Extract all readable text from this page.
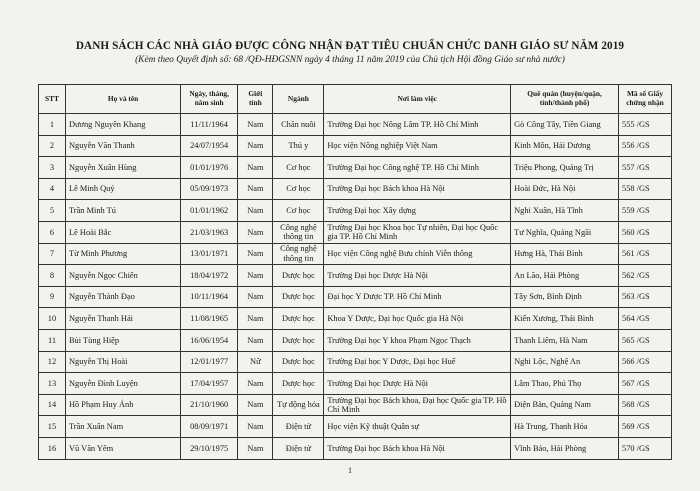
DANH SÁCH CÁC NHÀ GIÁO ĐƯỢC CÔNG NHẬN ĐẠT TIÊU CHUẨN CHỨC DANH GIÁO SƯ NĂM 2019
(Kèm theo Quyết định số: 68 /QĐ-HĐGSNN ngày 4 tháng 11 năm 2019 của Chủ tịch Hội đồng Giáo sư nhà nước)
STT	Họ và tên	Ngày, tháng, năm sinh	Giới tính	Ngành	Nơi làm việc	Quê quán (huyện/quận, tỉnh/thành phố)	Mã số Giấy chứng nhận
1	Dương Nguyên Khang	11/11/1964	Nam	Chăn nuôi	Trường Đại học Nông Lâm TP. Hồ Chí Minh	Gò Công Tây, Tiền Giang	555 /GS
2	Nguyễn Văn Thanh	24/07/1954	Nam	Thú y	Học viện Nông nghiệp Việt Nam	Kinh Môn, Hải Dương	556 /GS
3	Nguyễn Xuân Hùng	01/01/1976	Nam	Cơ học	Trường Đại học Công nghệ TP. Hồ Chí Minh	Triệu Phong, Quảng Trị	557 /GS
4	Lê Minh Quý	05/09/1973	Nam	Cơ học	Trường Đại học Bách khoa Hà Nội	Hoài Đức, Hà Nội	558 /GS
5	Trần Minh Tú	01/01/1962	Nam	Cơ học	Trường Đại học Xây dựng	Nghi Xuân, Hà Tĩnh	559 /GS
6	Lê Hoài Bắc	21/03/1963	Nam	Công nghệ thông tin	Trường Đại học Khoa học Tự nhiên, Đại học Quốc gia TP. Hồ Chí Minh	Tư Nghĩa, Quảng Ngãi	560 /GS
7	Từ Minh Phương	13/01/1971	Nam	Công nghệ thông tin	Học viện Công nghệ Bưu chính Viễn thông	Hưng Hà, Thái Bình	561 /GS
8	Nguyễn Ngọc Chiến	18/04/1972	Nam	Dược học	Trường Đại học Dược Hà Nội	An Lão, Hải Phòng	562 /GS
9	Nguyễn Thành Đạo	10/11/1964	Nam	Dược học	Đại học Y Dược TP. Hồ Chí Minh	Tây Sơn, Bình Định	563 /GS
10	Nguyễn Thanh Hải	11/08/1965	Nam	Dược học	Khoa Y Dược, Đại học Quốc gia Hà Nội	Kiến Xương, Thái Bình	564 /GS
11	Bùi Tùng Hiệp	16/06/1954	Nam	Dược học	Trường Đại học Y khoa Phạm Ngọc Thạch	Thanh Liêm, Hà Nam	565 /GS
12	Nguyễn Thị Hoài	12/01/1977	Nữ	Dược học	Trường Đại học Y Dược, Đại học Huế	Nghi Lộc, Nghệ An	566 /GS
13	Nguyễn Đình Luyện	17/04/1957	Nam	Dược học	Trường Đại học Dược Hà Nội	Lâm Thao, Phú Thọ	567 /GS
14	Hồ Phạm Huy Ánh	21/10/1960	Nam	Tự động hóa	Trường Đại học Bách khoa, Đại học Quốc gia TP. Hồ Chí Minh	Điện Bàn, Quảng Nam	568 /GS
15	Trần Xuân Nam	08/09/1971	Nam	Điện tử	Học viện Kỹ thuật Quân sự	Hà Trung, Thanh Hóa	569 /GS
16	Vũ Văn Yêm	29/10/1975	Nam	Điện tử	Trường Đại học Bách khoa Hà Nội	Vĩnh Bảo, Hải Phòng	570 /GS
1
